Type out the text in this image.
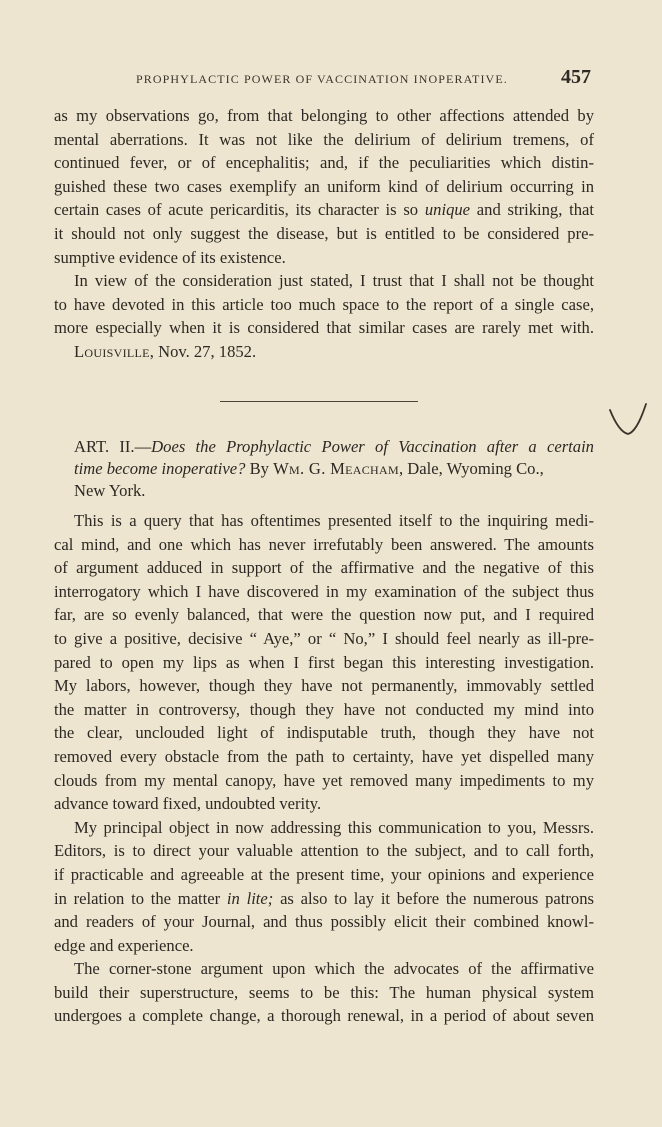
PROPHYLACTIC POWER OF VACCINATION INOPERATIVE.	457

as my observations go, from that belonging to other affections attended by
mental aberrations. It was not like the delirium of delirium tremens, of
continued fever, or of encephalitis; and, if the peculiarities which distin-
guished these two cases exemplify an uniform kind of delirium occurring in
certain cases of acute pericarditis, its character is so unique and striking, that
it should not only suggest the disease, but is entitled to be considered pre-
sumptive evidence of its existence.

In view of the consideration just stated, I trust that I shall not be thought
to have devoted in this article too much space to the report of a single case,
more especially when it is considered that similar cases are rarely met with.

Louisville, Nov. 27, 1852.

ART. II.—Does the Prophylactic Power of Vaccination after a certain
time become inoperative? By Wm. G. Meacham, Dale, Wyoming Co.,
New York.

This is a query that has oftentimes presented itself to the inquiring medi-
cal mind, and one which has never irrefutably been answered. The amounts
of argument adduced in support of the affirmative and the negative of this
interrogatory which I have discovered in my examination of the subject thus
far, are so evenly balanced, that were the question now put, and I required
to give a positive, decisive “ Aye,” or “ No,” I should feel nearly as ill-pre-
pared to open my lips as when I first began this interesting investigation.
My labors, however, though they have not permanently, immovably settled
the matter in controversy, though they have not conducted my mind into
the clear, unclouded light of indisputable truth, though they have not
removed every obstacle from the path to certainty, have yet dispelled many
clouds from my mental canopy, have yet removed many impediments to my
advance toward fixed, undoubted verity.

My principal object in now addressing this communication to you, Messrs.
Editors, is to direct your valuable attention to the subject, and to call forth,
if practicable and agreeable at the present time, your opinions and experience
in relation to the matter in lite; as also to lay it before the numerous patrons
and readers of your Journal, and thus possibly elicit their combined knowl-
edge and experience.

The corner-stone argument upon which the advocates of the affirmative
build their superstructure, seems to be this: The human physical system
undergoes a complete change, a thorough renewal, in a period of about seven
